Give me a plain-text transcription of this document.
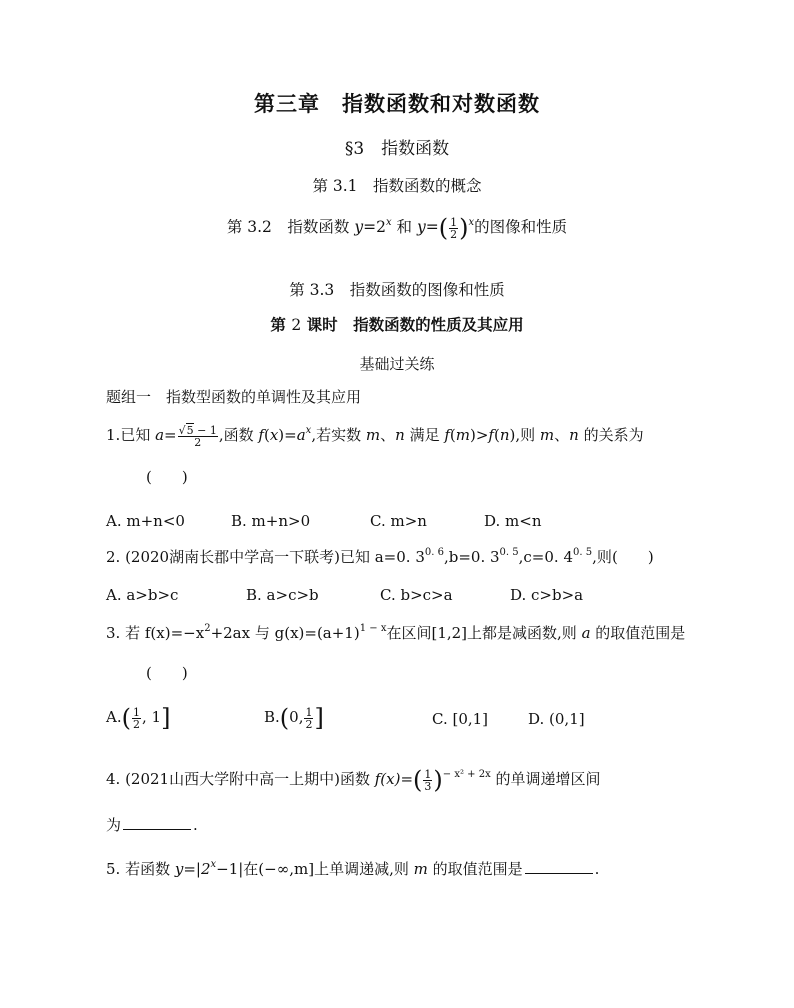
第三章　指数函数和对数函数
§3　指数函数
第 3.1　指数函数的概念
第 3.2　指数函数 $y=2^x$ 和 $y=( \frac{1}{2} )^x$的图像和性质
第 3.3　指数函数的图像和性质
第 2 课时　指数函数的性质及其应用
基础过关练
题组一　指数型函数的单调性及其应用
1.已知 $a= \frac{√5 - 1}{2}$ ,函数 $f(x)=a^x$,若实数 m、n 满足 f(m)>f(n),则 m、n 的关系为
(　　)
A. m+n<0	B. m+n>0	C. m>n	D. m<n
2. (2020湖南长郡中学高一下联考)已知 a=0. $3^{0. 6},b=0$. $3^{0. 5},c=0$. $4^{0. 5}$,则 (　　)
A. a>b>c	B. a>c>b	C. b>c>a	D. c>b>a
3. 若 $f(x)=-x^2+2ax$ 与 $g(x)=(a+1)^{1 - x}$在区间[1,2]上都是减函数,则 a 的取值范围是
(　　)
$A.( \frac{1}{2}$ , 1]	B.(0, $\frac{1}{2}$ ]	C. [0,1]	D. (0,1]
4. (2021山西大学附中高一上期中)函数 $f(x)=( \frac{1}{3} )^{- x^2 + 2x}$ 的单调递增区间
为	.
5. 若函数 $y=|2^x-1|$在(−∞,m]上单调递减,则 m 的取值范围是	.
